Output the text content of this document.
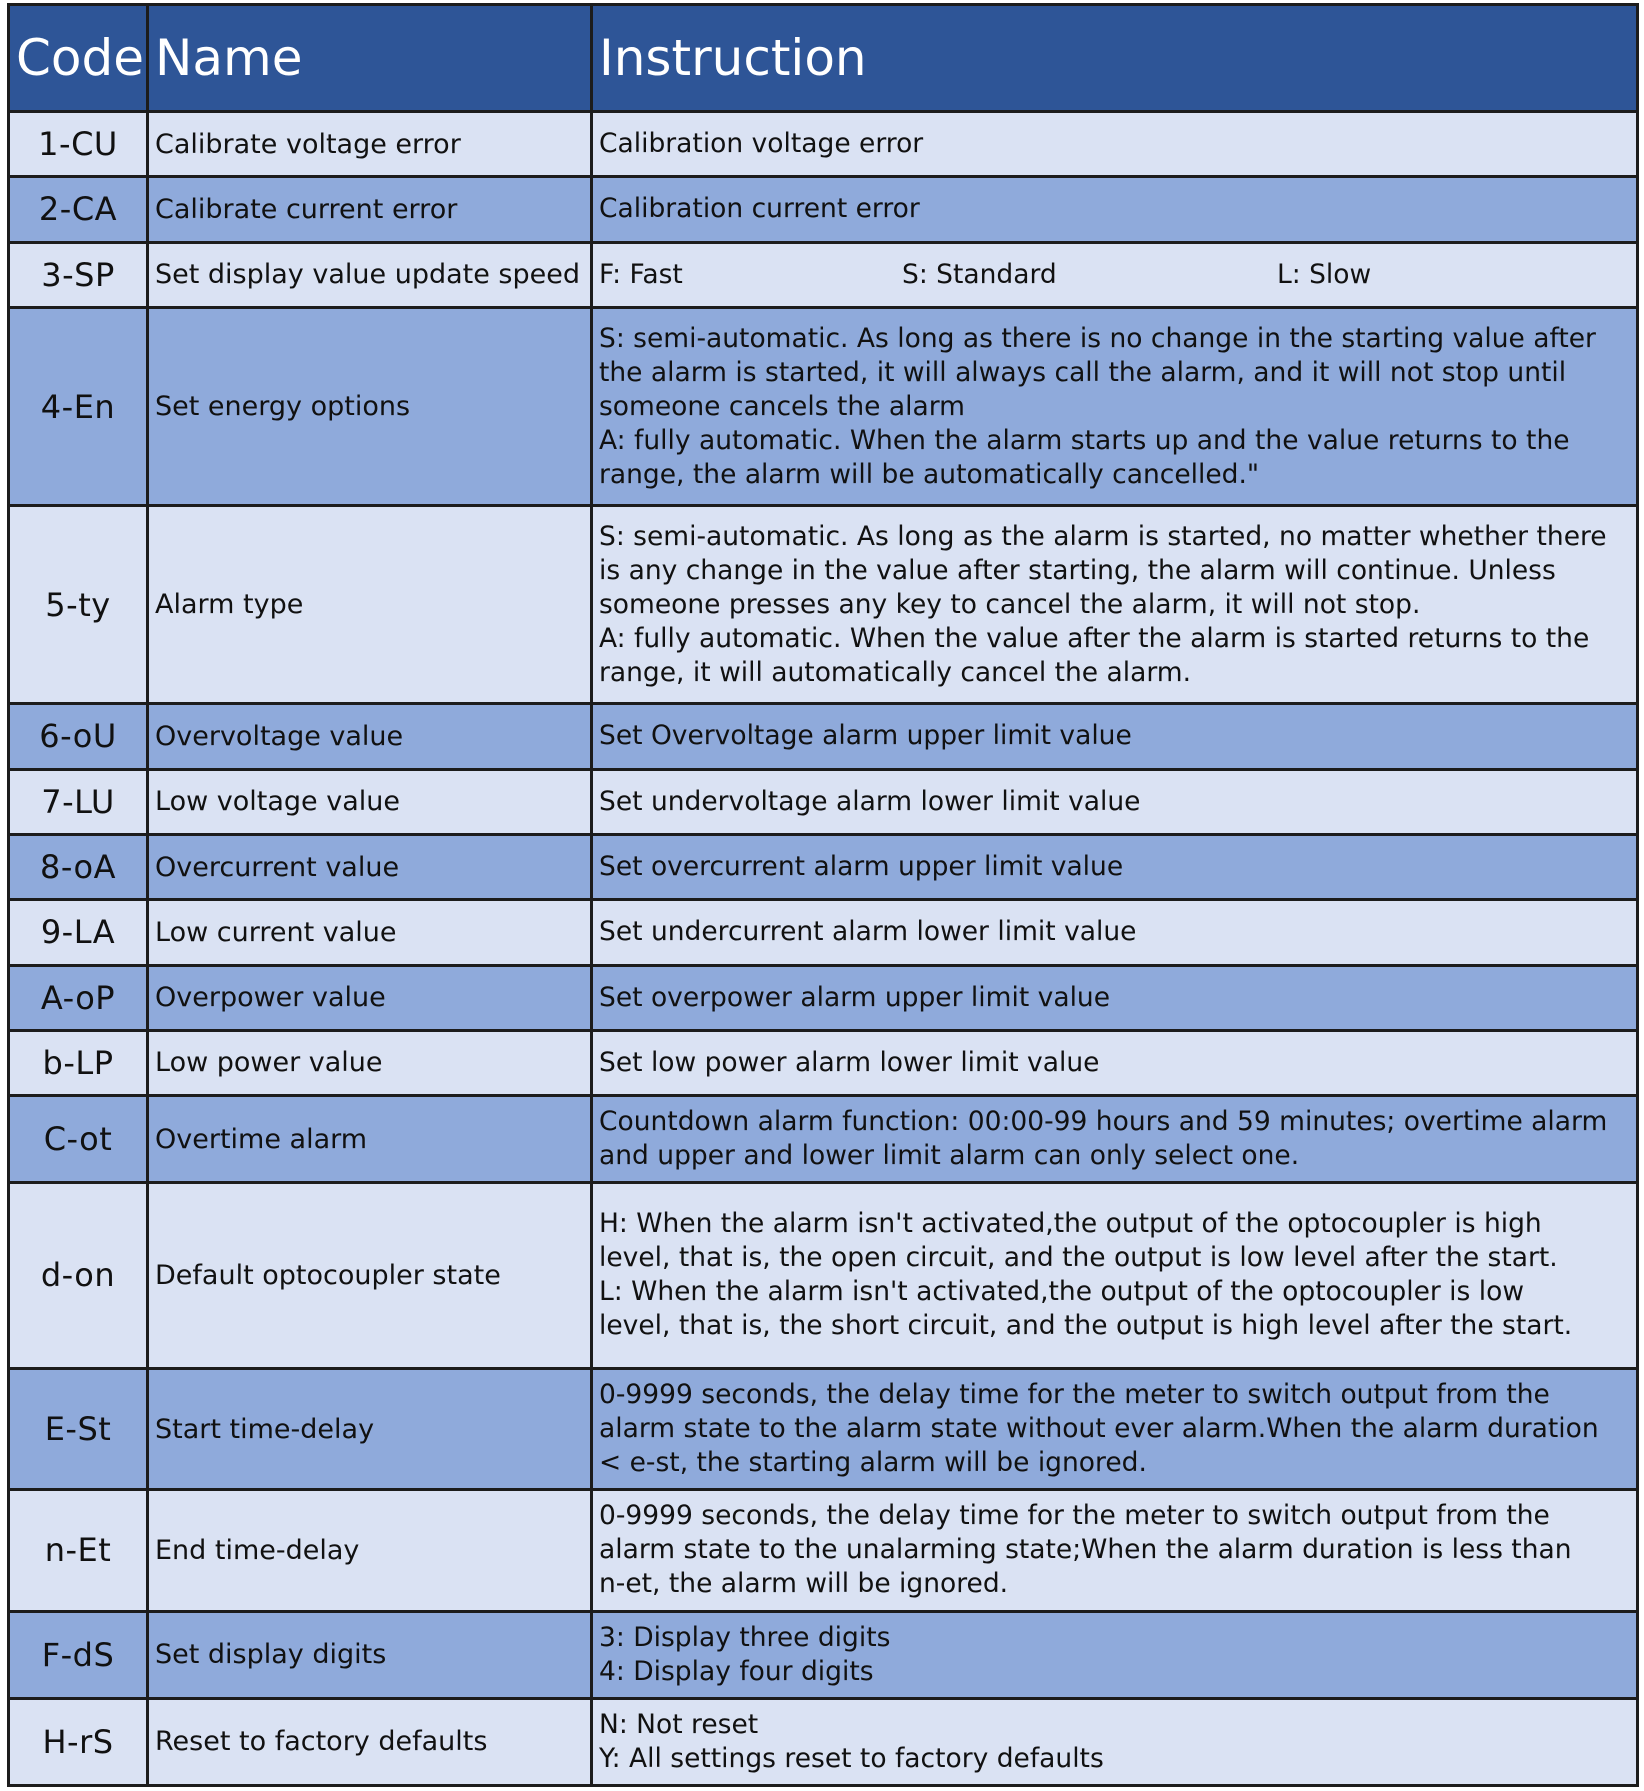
Code	Name	Instruction
1-CU	Calibrate voltage error	Calibration voltage error

2-CA	Calibrate current error	Calibration current error

3-SP	Set display value update speed	F: Fast S: Standard L: Slow

4-En	Set energy options	S: semi-automatic. As long as there is no change in the starting value after
the alarm is started, it will always call the alarm, and it will not stop until
someone cancels the alarm
A: fully automatic. When the alarm starts up and the value returns to the
range, the alarm will be automatically cancelled."

5-ty	Alarm type	S: semi-automatic. As long as the alarm is started, no matter whether there
is any change in the value after starting, the alarm will continue. Unless
someone presses any key to cancel the alarm, it will not stop.
A: fully automatic. When the value after the alarm is started returns to the
range, it will automatically cancel the alarm.

6-oU	Overvoltage value	Set Overvoltage alarm upper limit value

7-LU	Low voltage value	Set undervoltage alarm lower limit value

8-oA	Overcurrent value	Set overcurrent alarm upper limit value

9-LA	Low current value	Set undercurrent alarm lower limit value

A-oP	Overpower value	Set overpower alarm upper limit value

b-LP	Low power value	Set low power alarm lower limit value

C-ot	Overtime alarm	Countdown alarm function: 00:00-99 hours and 59 minutes; overtime alarm
and upper and lower limit alarm can only select one.

d-on	Default optocoupler state	H: When the alarm isn't activated,the output of the optocoupler is high
level, that is, the open circuit, and the output is low level after the start.
L: When the alarm isn't activated,the output of the optocoupler is low
level, that is, the short circuit, and the output is high level after the start.

E-St	Start time-delay	0-9999 seconds, the delay time for the meter to switch output from the
alarm state to the alarm state without ever alarm.When the alarm duration
< e-st, the starting alarm will be ignored.

n-Et	End time-delay	0-9999 seconds, the delay time for the meter to switch output from the
alarm state to the unalarming state;When the alarm duration is less than
n-et, the alarm will be ignored.

F-dS	Set display digits	3: Display three digits
4: Display four digits

H-rS	Reset to factory defaults	N: Not reset
Y: All settings reset to factory defaults
